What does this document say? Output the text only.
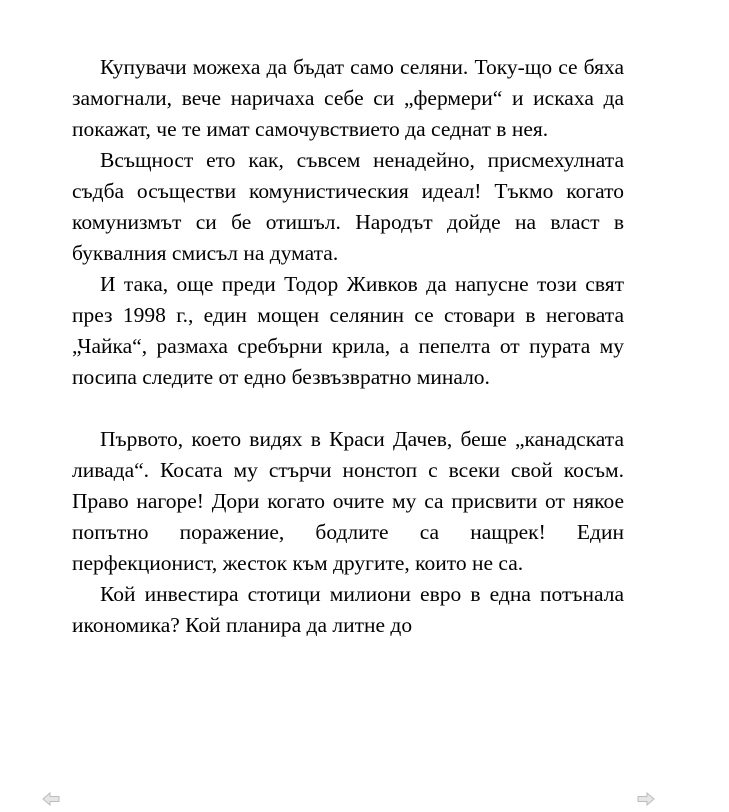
Купувачи можеха да бъдат само селяни. Току-що се бяха замогнали, вече наричаха себе си „фермери“ и искаха да покажат, че те имат самочувствието да седнат в нея.

Всъщност ето как, съвсем ненадейно, присмехулната съдба осъществи комунистическия идеал! Тъкмо когато комунизмът си бе отишъл. Народът дойде на власт в буквалния смисъл на думата.

И така, още преди Тодор Живков да напусне този свят през 1998 г., един мощен селянин се стовари в неговата „Чайка“, размаха сребърни крила, а пепелта от пурата му посипа следите от едно безвъзвратно минало.

Първото, което видях в Краси Дачев, беше „канадската ливада“. Косата му стърчи нонстоп с всеки свой косъм. Право нагоре! Дори когато очите му са присвити от някое попътно поражение, бодлите са нащрек! Един перфекционист, жесток към другите, които не са.

Кой инвестира стотици милиони евро в една потънала икономика? Кой планира да литне до
